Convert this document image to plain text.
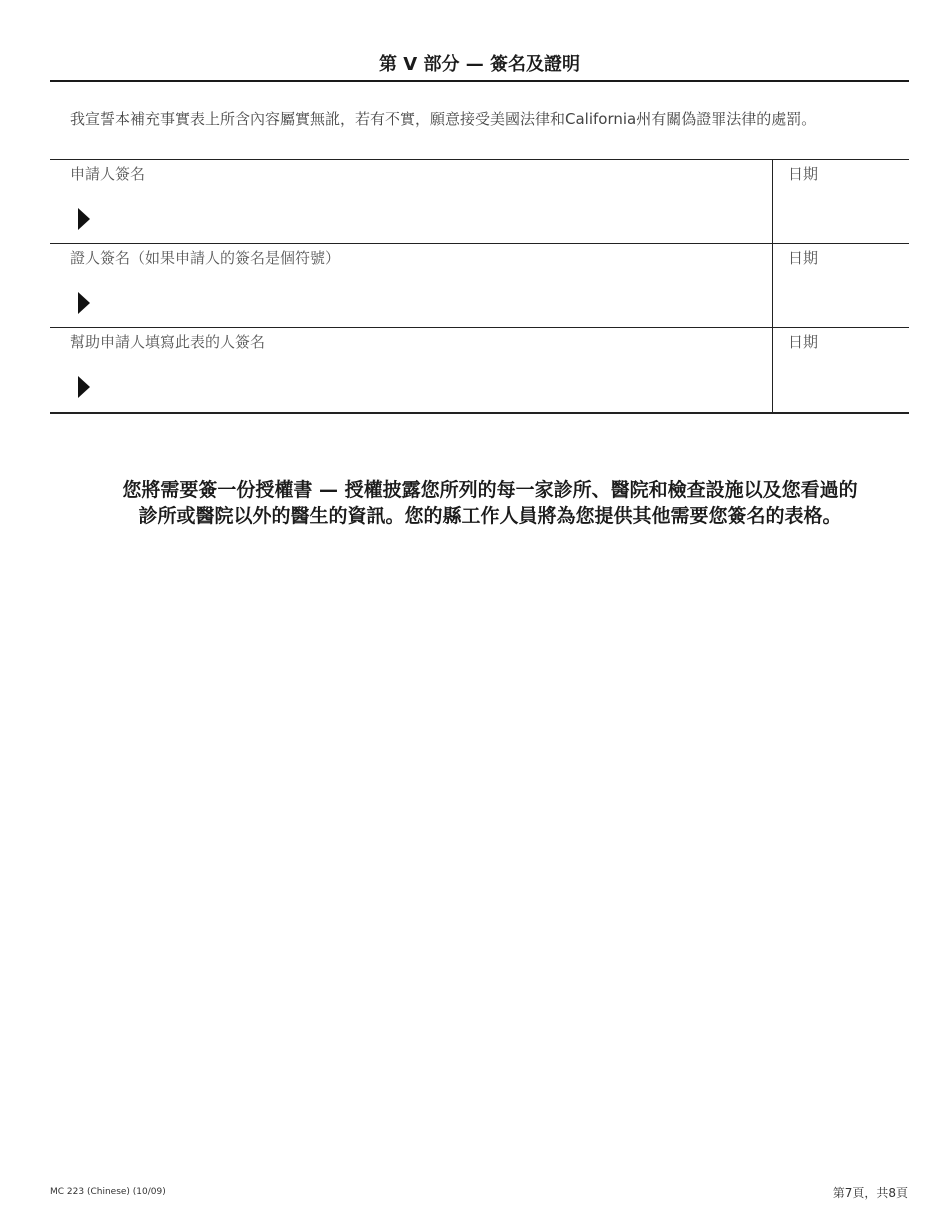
第 V 部分 — 簽名及證明
我宣誓本補充事實表上所含內容屬實無訛，若有不實，願意接受美國法律和California州有關偽證罪法律的處罰。
申請人簽名	日期
證人簽名（如果申請人的簽名是個符號）	日期
幫助申請人填寫此表的人簽名	日期
您將需要簽一份授權書 — 授權披露您所列的每一家診所、醫院和檢查設施以及您看過的
診所或醫院以外的醫生的資訊。您的縣工作人員將為您提供其他需要您簽名的表格。
MC 223 (Chinese) (10/09)	第7頁，共8頁
